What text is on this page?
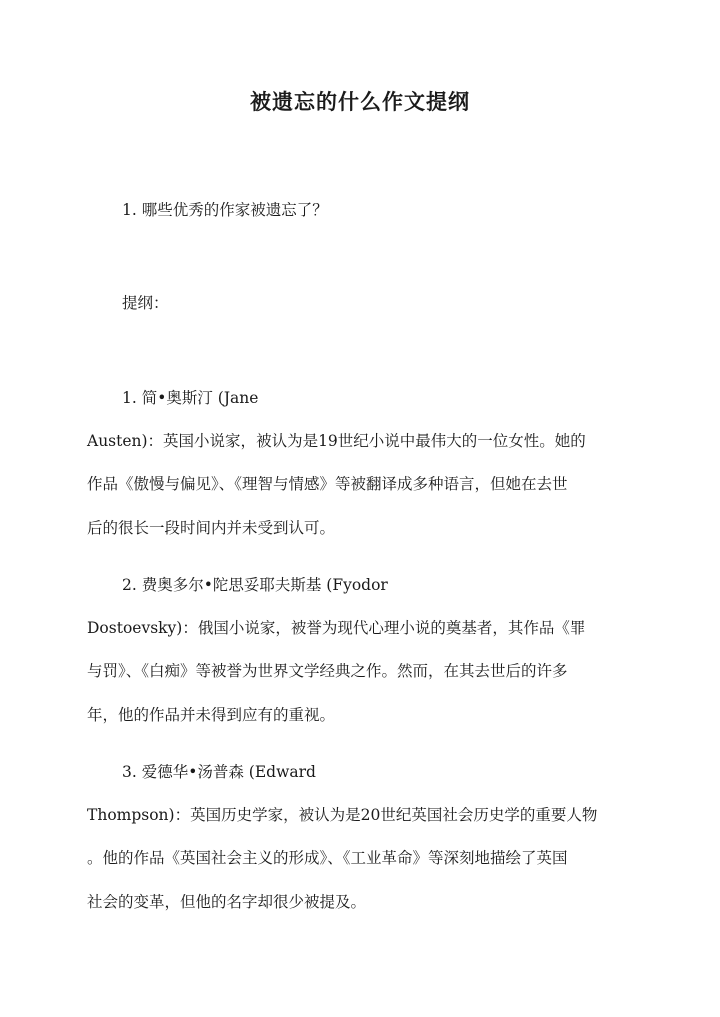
被遗忘的什么作文提纲
1. 哪些优秀的作家被遗忘了？
提纲：
1. 简•奥斯汀 (Jane
Austen)：英国小说家，被认为是19世纪小说中最伟大的一位女性。她的
作品《傲慢与偏见》、《理智与情感》等被翻译成多种语言，但她在去世
后的很长一段时间内并未受到认可。
2. 费奥多尔•陀思妥耶夫斯基 (Fyodor
Dostoevsky)：俄国小说家，被誉为现代心理小说的奠基者，其作品《罪
与罚》、《白痴》等被誉为世界文学经典之作。然而，在其去世后的许多
年，他的作品并未得到应有的重视。
3. 爱德华•汤普森 (Edward
Thompson)：英国历史学家，被认为是20世纪英国社会历史学的重要人物
。他的作品《英国社会主义的形成》、《工业革命》等深刻地描绘了英国
社会的变革，但他的名字却很少被提及。
